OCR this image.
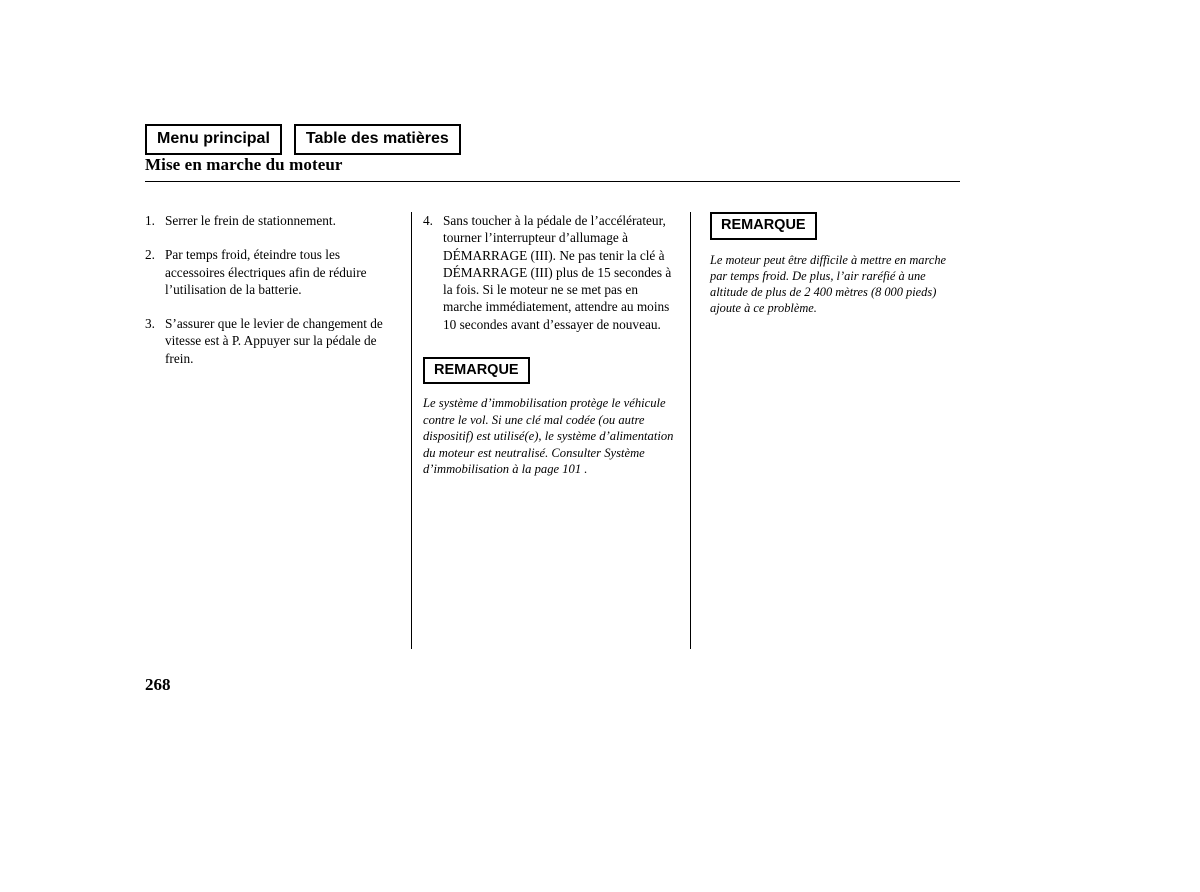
Menu principal	Table des matières
Mise en marche du moteur
1. Serrer le frein de stationnement.
2. Par temps froid, éteindre tous les accessoires électriques afin de réduire l’utilisation de la batterie.
3. S’assurer que le levier de changement de vitesse est à P. Appuyer sur la pédale de frein.
4. Sans toucher à la pédale de l’accélérateur, tourner l’interrupteur d’allumage à DÉMARRAGE (III). Ne pas tenir la clé à DÉMARRAGE (III) plus de 15 secondes à la fois. Si le moteur ne se met pas en marche immédiatement, attendre au moins 10 secondes avant d’essayer de nouveau.
REMARQUE
Le système d’immobilisation protège le véhicule contre le vol. Si une clé mal codée (ou autre dispositif) est utilisé(e), le système d’alimentation du moteur est neutralisé. Consulter Système d’immobilisation à la page 101 .
REMARQUE
Le moteur peut être difficile à mettre en marche par temps froid. De plus, l’air raréfié à une altitude de plus de 2 400 mètres (8 000 pieds) ajoute à ce problème.
268
